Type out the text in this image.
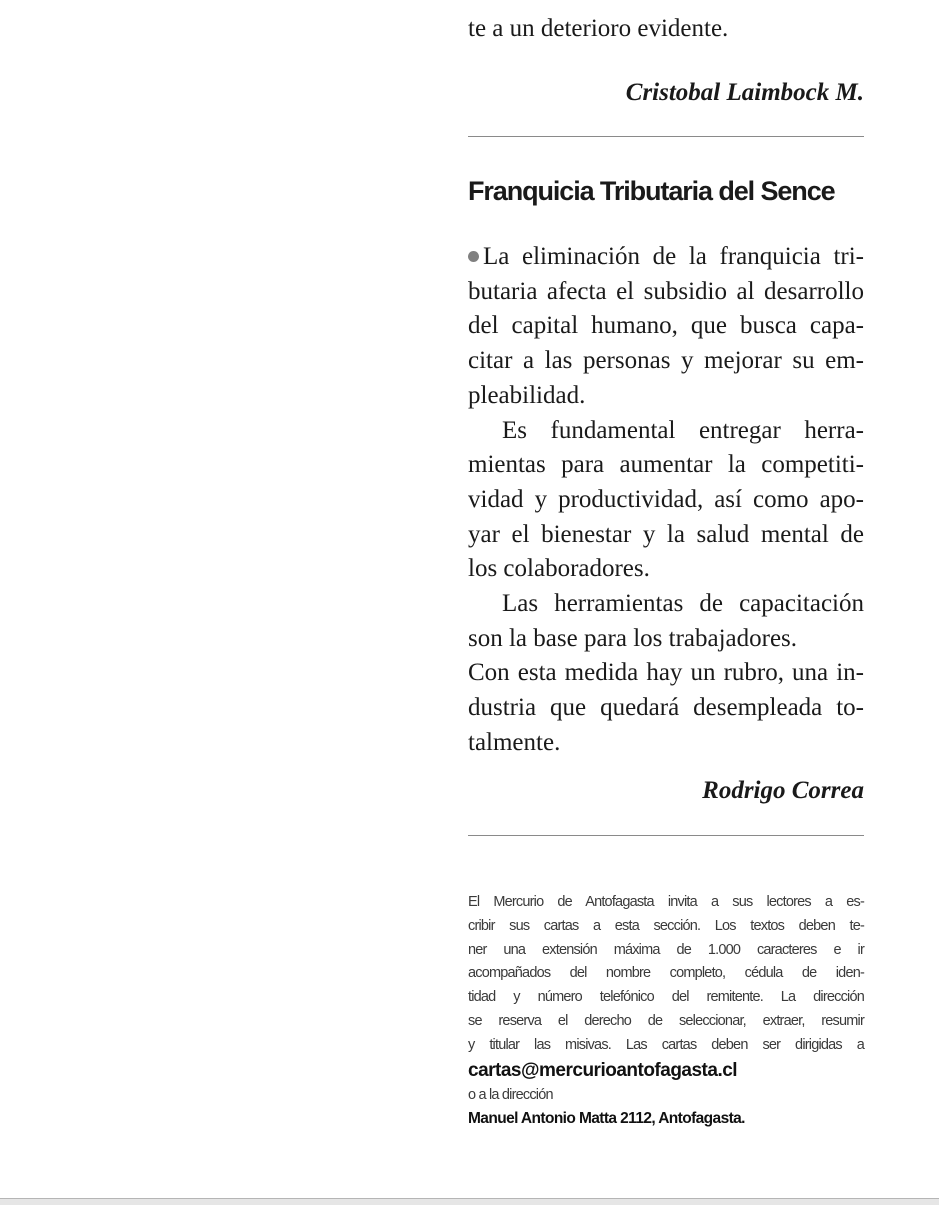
te a un deterioro evidente.
Cristobal Laimbock M.
Franquicia Tributaria del Sence
La eliminación de la franquicia tri-
butaria afecta el subsidio al desarrollo
del capital humano, que busca capa-
citar a las personas y mejorar su em-
pleabilidad.
Es fundamental entregar herra-
mientas para aumentar la competiti-
vidad y productividad, así como apo-
yar el bienestar y la salud mental de
los colaboradores.
Las herramientas de capacitación
son la base para los trabajadores.
Con esta medida hay un rubro, una in-
dustria que quedará desempleada to-
talmente.
Rodrigo Correa
El Mercurio de Antofagasta invita a sus lectores a es-
cribir sus cartas a esta sección. Los textos deben te-
ner una extensión máxima de 1.000 caracteres e ir
acompañados del nombre completo, cédula de iden-
tidad y número telefónico del remitente. La dirección
se reserva el derecho de seleccionar, extraer, resumir
y titular las misivas. Las cartas deben ser dirigidas a
cartas@mercurioantofagasta.cl
o a la dirección
Manuel Antonio Matta 2112, Antofagasta.
